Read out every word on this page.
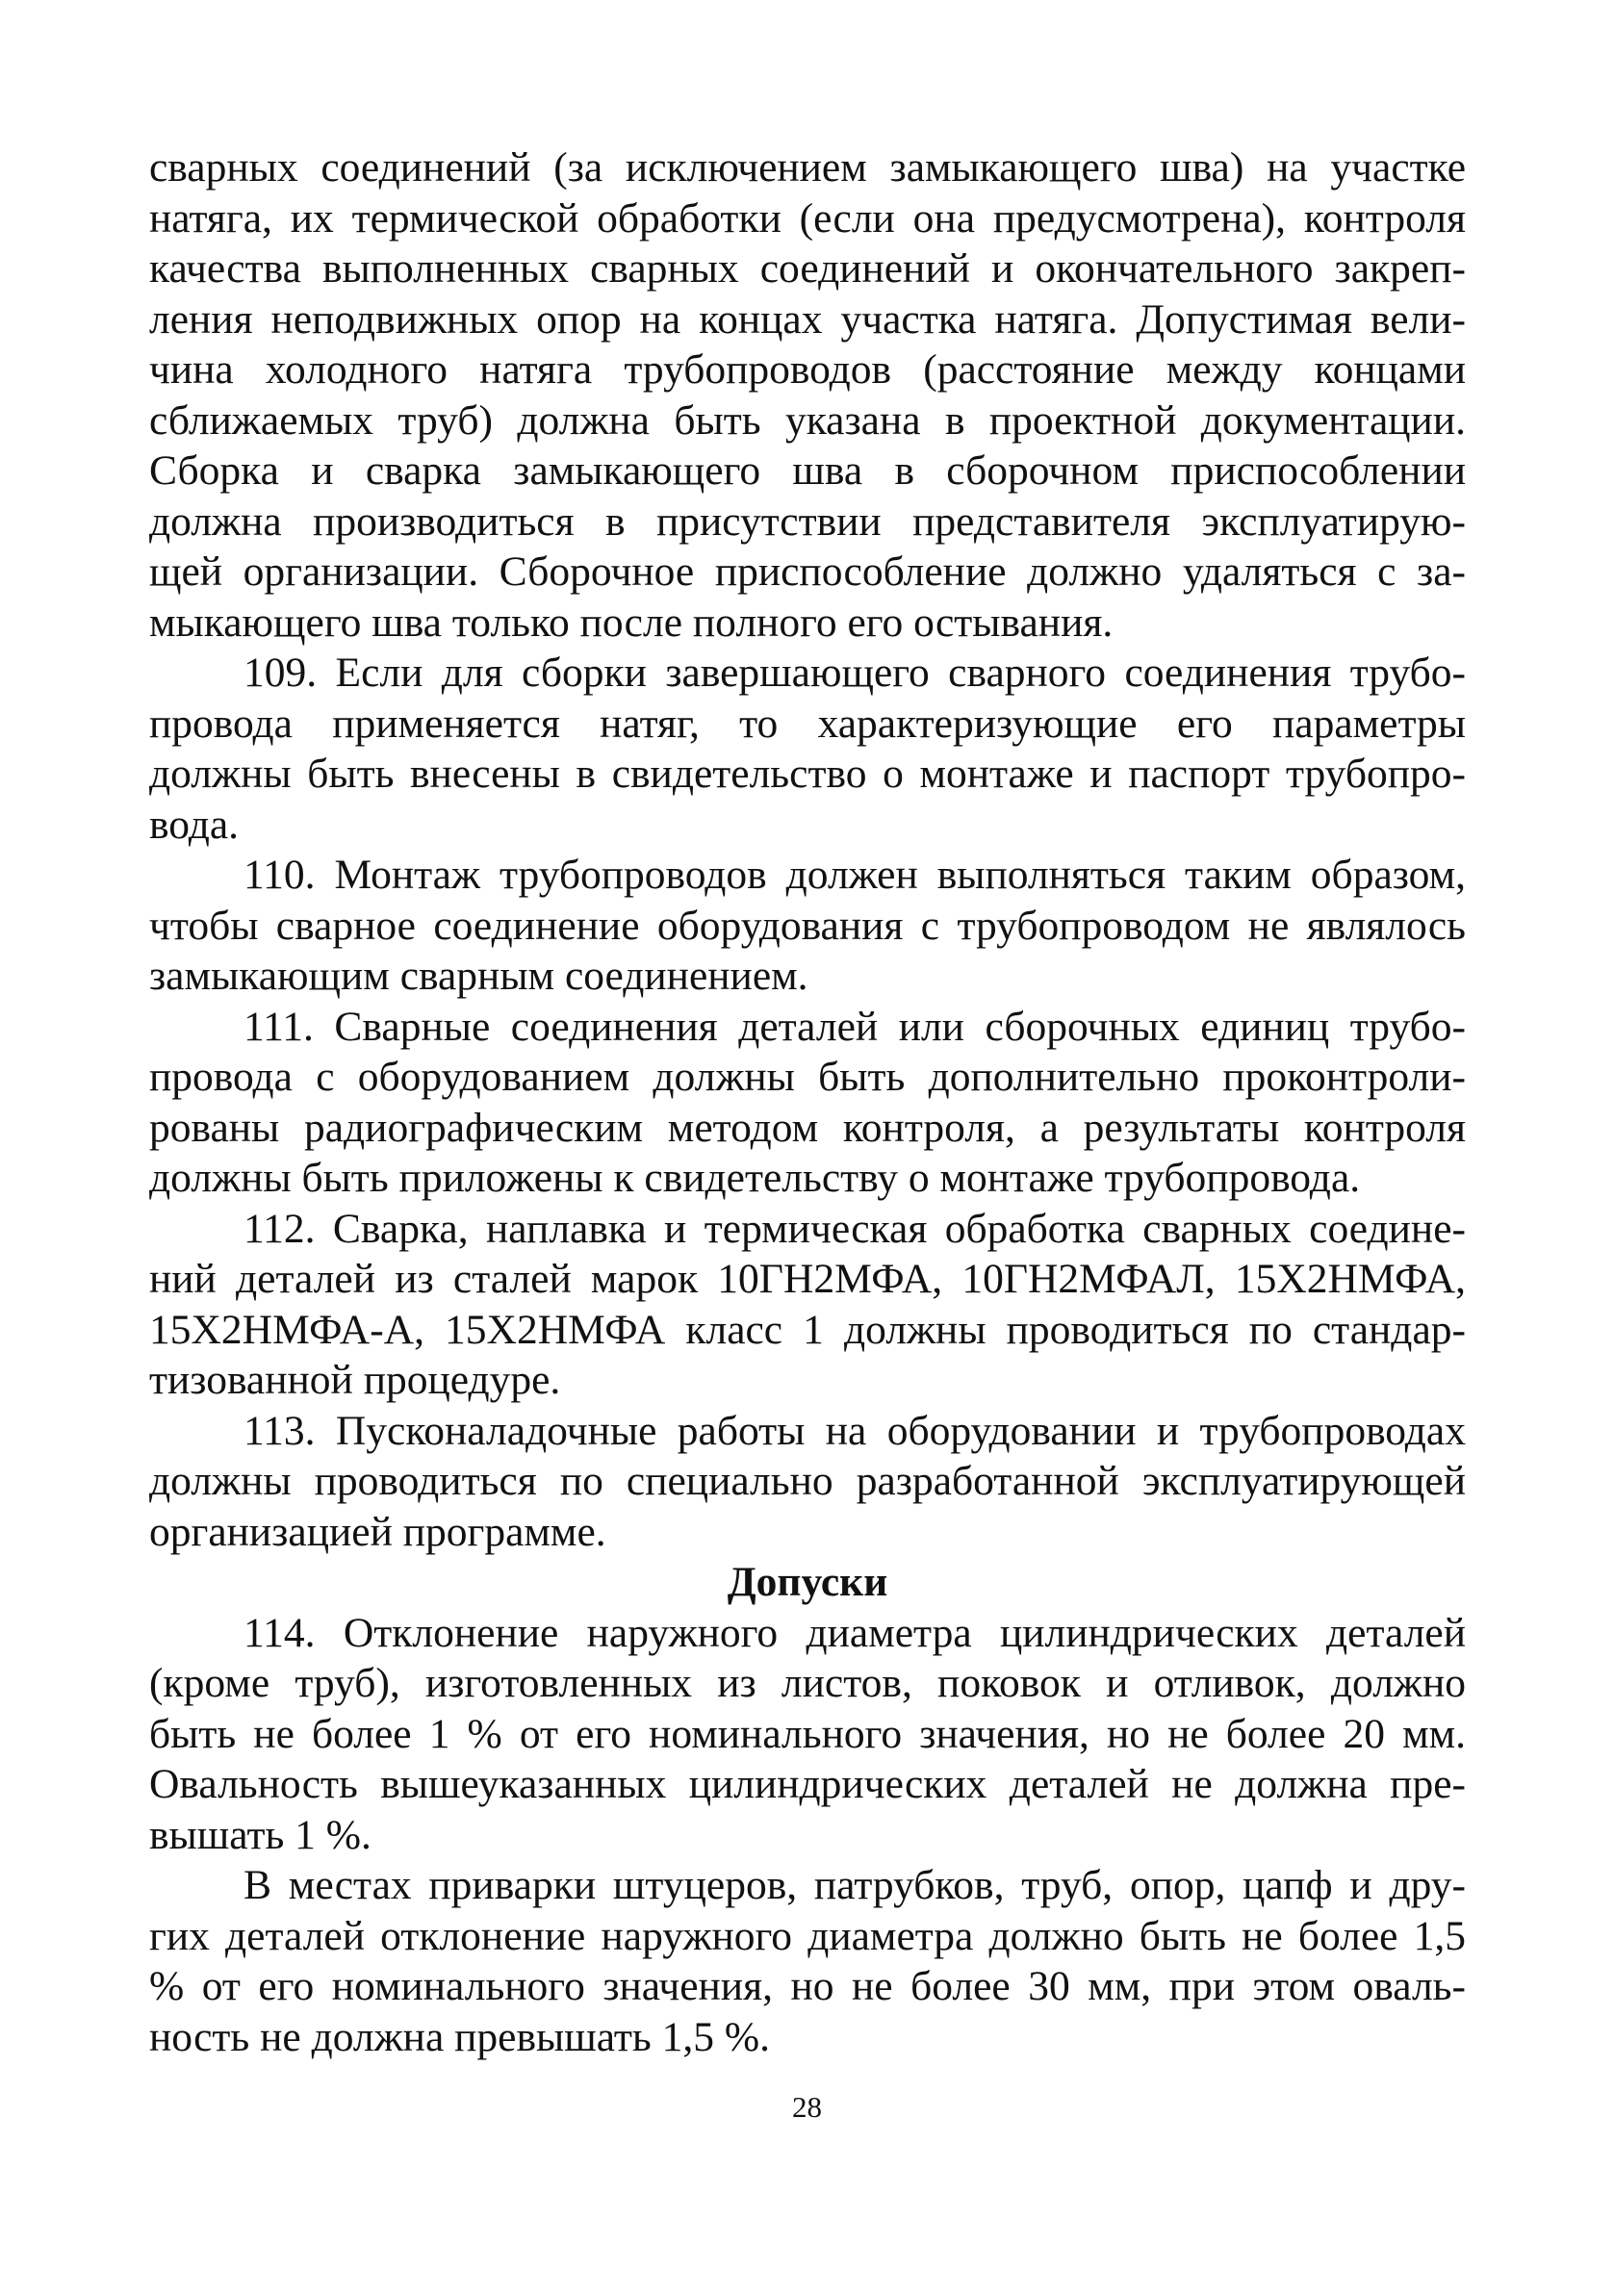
сварных соединений (за исключением замыкающего шва) на участке

натяга, их термической обработки (если она предусмотрена), контроля

качества выполненных сварных соединений и окончательного закреп-

ления неподвижных опор на концах участка натяга. Допустимая вели-

чина холодного натяга трубопроводов (расстояние между концами

сближаемых труб) должна быть указана в проектной документации.

Сборка и сварка замыкающего шва в сборочном приспособлении

должна производиться в присутствии представителя эксплуатирую-

щей организации. Сборочное приспособление должно удаляться с за-

мыкающего шва только после полного его остывания.

109. Если для сборки завершающего сварного соединения трубо-

провода применяется натяг, то характеризующие его параметры

должны быть внесены в свидетельство о монтаже и паспорт трубопро-

вода.

110. Монтаж трубопроводов должен выполняться таким образом,

чтобы сварное соединение оборудования с трубопроводом не являлось

замыкающим сварным соединением.

111. Сварные соединения деталей или сборочных единиц трубо-

провода с оборудованием должны быть дополнительно проконтроли-

рованы радиографическим методом контроля, а результаты контроля

должны быть приложены к свидетельству о монтаже трубопровода.

112. Сварка, наплавка и термическая обработка сварных соедине-

ний деталей из сталей марок 10ГН2МФА, 10ГН2МФАЛ, 15Х2НМФА,

15Х2НМФА-А, 15Х2НМФА класс 1 должны проводиться по стандар-

тизованной процедуре.

113. Пусконаладочные работы на оборудовании и трубопроводах

должны проводиться по специально разработанной эксплуатирующей

организацией программе.

Допуски

114. Отклонение наружного диаметра цилиндрических деталей

(кроме труб), изготовленных из листов, поковок и отливок, должно

быть не более 1 % от его номинального значения, но не более 20 мм.

Овальность вышеуказанных цилиндрических деталей не должна пре-

вышать 1 %.

В местах приварки штуцеров, патрубков, труб, опор, цапф и дру-

гих деталей отклонение наружного диаметра должно быть не более 1,5

% от его номинального значения, но не более 30 мм, при этом оваль-

ность не должна превышать 1,5 %.

28
